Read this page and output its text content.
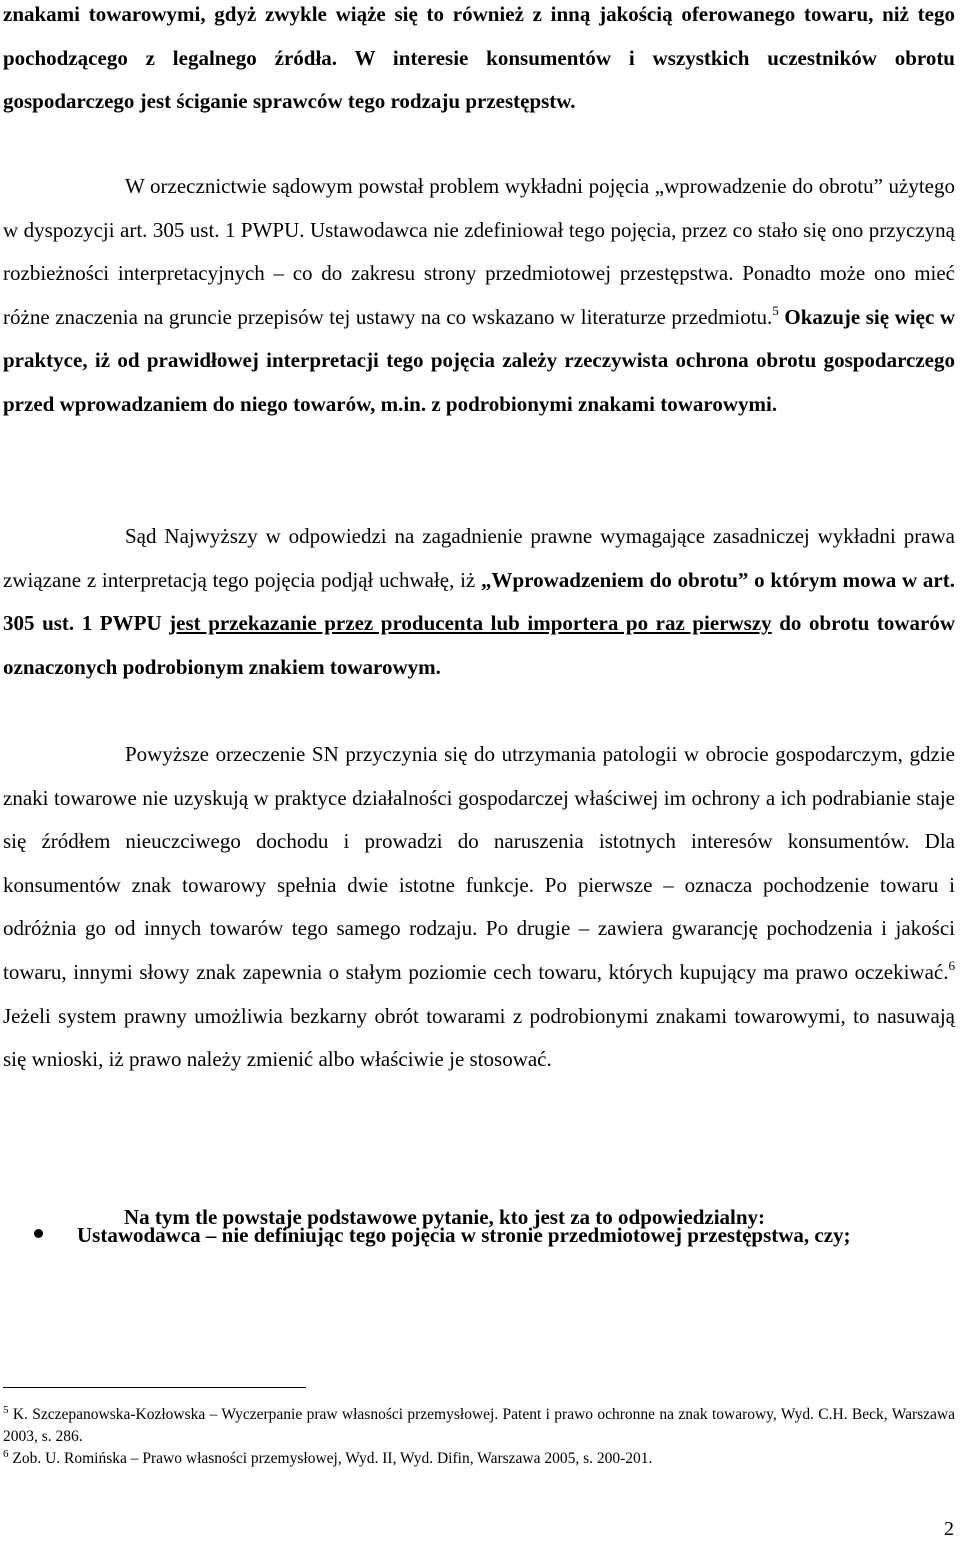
znakami towarowymi, gdyż zwykle wiąże się to również z inną jakością oferowanego towaru, niż tego pochodzącego z legalnego źródła. W interesie konsumentów i wszystkich uczestników obrotu gospodarczego jest ściganie sprawców tego rodzaju przestępstw.

W orzecznictwie sądowym powstał problem wykładni pojęcia „wprowadzenie do obrotu” użytego w dyspozycji art. 305 ust. 1 PWPU. Ustawodawca nie zdefiniował tego pojęcia, przez co stało się ono przyczyną rozbieżności interpretacyjnych – co do zakresu strony przedmiotowej przestępstwa. Ponadto może ono mieć różne znaczenia na gruncie przepisów tej ustawy na co wskazano w literaturze przedmiotu.$^5$ Okazuje się więc w praktyce, iż od prawidłowej interpretacji tego pojęcia zależy rzeczywista ochrona obrotu gospodarczego przed wprowadzaniem do niego towarów, m.in. z podrobionymi znakami towarowymi.

Sąd Najwyższy w odpowiedzi na zagadnienie prawne wymagające zasadniczej wykładni prawa związane z interpretacją tego pojęcia podjął uchwałę, iż „Wprowadzeniem do obrotu” o którym mowa w art. 305 ust. 1 PWPU jest przekazanie przez producenta lub importera po raz pierwszy do obrotu towarów oznaczonych podrobionym znakiem towarowym.

Powyższe orzeczenie SN przyczynia się do utrzymania patologii w obrocie gospodarczym, gdzie znaki towarowe nie uzyskują w praktyce działalności gospodarczej właściwej im ochrony a ich podrabianie staje się źródłem nieuczciwego dochodu i prowadzi do naruszenia istotnych interesów konsumentów. Dla konsumentów znak towarowy spełnia dwie istotne funkcje. Po pierwsze – oznacza pochodzenie towaru i odróżnia go od innych towarów tego samego rodzaju. Po drugie – zawiera gwarancję pochodzenia i jakości towaru, innymi słowy znak zapewnia o stałym poziomie cech towaru, których kupujący ma prawo oczekiwać.$^6$ Jeżeli system prawny umożliwia bezkarny obrót towarami z podrobionymi znakami towarowymi, to nasuwają się wnioski, iż prawo należy zmienić albo właściwie je stosować.

Na tym tle powstaje podstawowe pytanie, kto jest za to odpowiedzialny:

Ustawodawca – nie definiując tego pojęcia w stronie przedmiotowej przestępstwa, czy;

$^5$ K. Szczepanowska-Kozłowska – Wyczerpanie praw własności przemysłowej. Patent i prawo ochronne na znak towarowy, Wyd. C.H. Beck, Warszawa 2003, s. 286.

$^6$ Zob. U. Romińska – Prawo własności przemysłowej, Wyd. II, Wyd. Difin, Warszawa 2005, s. 200-201.

2
